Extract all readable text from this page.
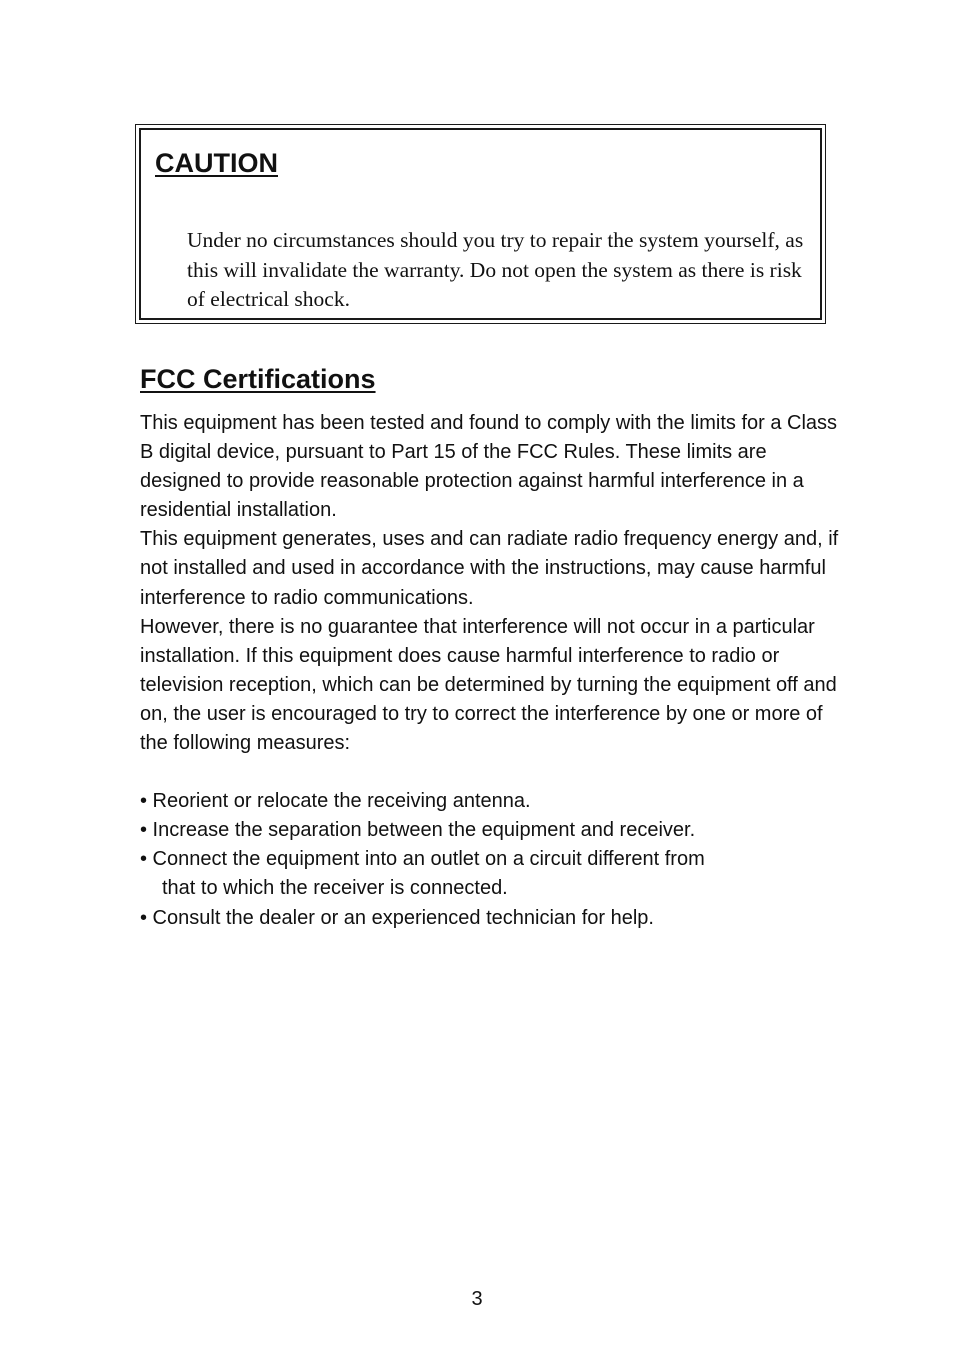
CAUTION

Under no circumstances should you try to repair the system yourself, as this will invalidate the warranty. Do not open the system as there is risk of electrical shock.

FCC Certifications

This equipment has been tested and found to comply with the limits for a Class B digital device, pursuant to Part 15 of the FCC Rules. These limits are designed to provide reasonable protection against harmful interference in a residential installation.

This equipment generates, uses and can radiate radio frequency energy and, if not installed and used in accordance with the instructions, may cause harmful interference to radio communications.

However, there is no guarantee that interference will not occur in a particular installation. If this equipment does cause harmful interference to radio or television reception, which can be determined by turning the equipment off and on, the user is encouraged to try to correct the interference by one or more of the following measures:

• Reorient or relocate the receiving antenna.
• Increase the separation between the equipment and receiver.
• Connect the equipment into an outlet on a circuit different from
that to which the receiver is connected.
• Consult the dealer or an experienced technician for help.
3
